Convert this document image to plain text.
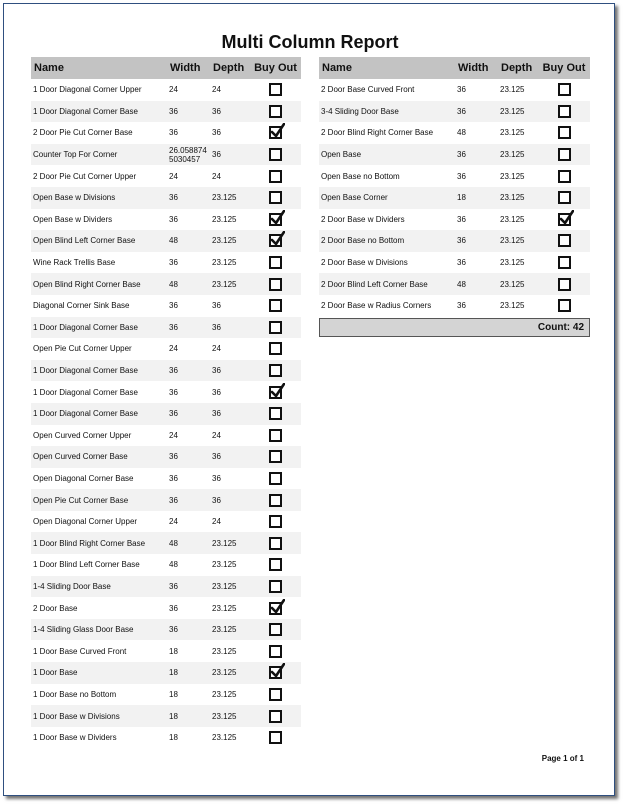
Multi Column Report
Name	Width	Depth Buy Out
1 Door Diagonal Corner Upper	24	24
1 Door Diagonal Corner Base	36	36
2 Door Pie Cut Corner Base	36	36
Counter Top For Corner	26.058874 5030457	36
2 Door Pie Cut Corner Upper	24	24
Open Base w Divisions	36	23.125
Open Base w Dividers	36	23.125
Open Blind Left Corner Base	48	23.125
Wine Rack Trellis Base	36	23.125
Open Blind Right Corner Base	48	23.125
Diagonal Corner Sink Base	36	36
1 Door Diagonal Corner Base	36	36
Open Pie Cut Corner Upper	24	24
1 Door Diagonal Corner Base	36	36
1 Door Diagonal Corner Base	36	36
1 Door Diagonal Corner Base	36	36
Open Curved Corner Upper	24	24
Open Curved Corner Base	36	36
Open Diagonal Corner Base	36	36
Open Pie Cut Corner Base	36	36
Open Diagonal Corner Upper	24	24
1 Door Blind Right Corner Base	48	23.125
1 Door Blind Left Corner Base	48	23.125
1-4 Sliding Door Base	36	23.125
2 Door Base	36	23.125
1-4 Sliding Glass Door Base	36	23.125
1 Door Base Curved Front	18	23.125
1 Door Base	18	23.125
1 Door Base no Bottom	18	23.125
1 Door Base w Divisions	18	23.125
1 Door Base w Dividers	18	23.125
Name	Width	Depth Buy Out
2 Door Base Curved Front	36	23.125
3-4 Sliding Door Base	36	23.125
2 Door Blind Right Corner Base	48	23.125
Open Base	36	23.125
Open Base no Bottom	36	23.125
Open Base Corner	18	23.125
2 Door Base w Dividers	36	23.125
2 Door Base no Bottom	36	23.125
2 Door Base w Divisions	36	23.125
2 Door Blind Left Corner Base	48	23.125
2 Door Base w Radius Corners	36	23.125
Count: 42
Page 1 of 1
